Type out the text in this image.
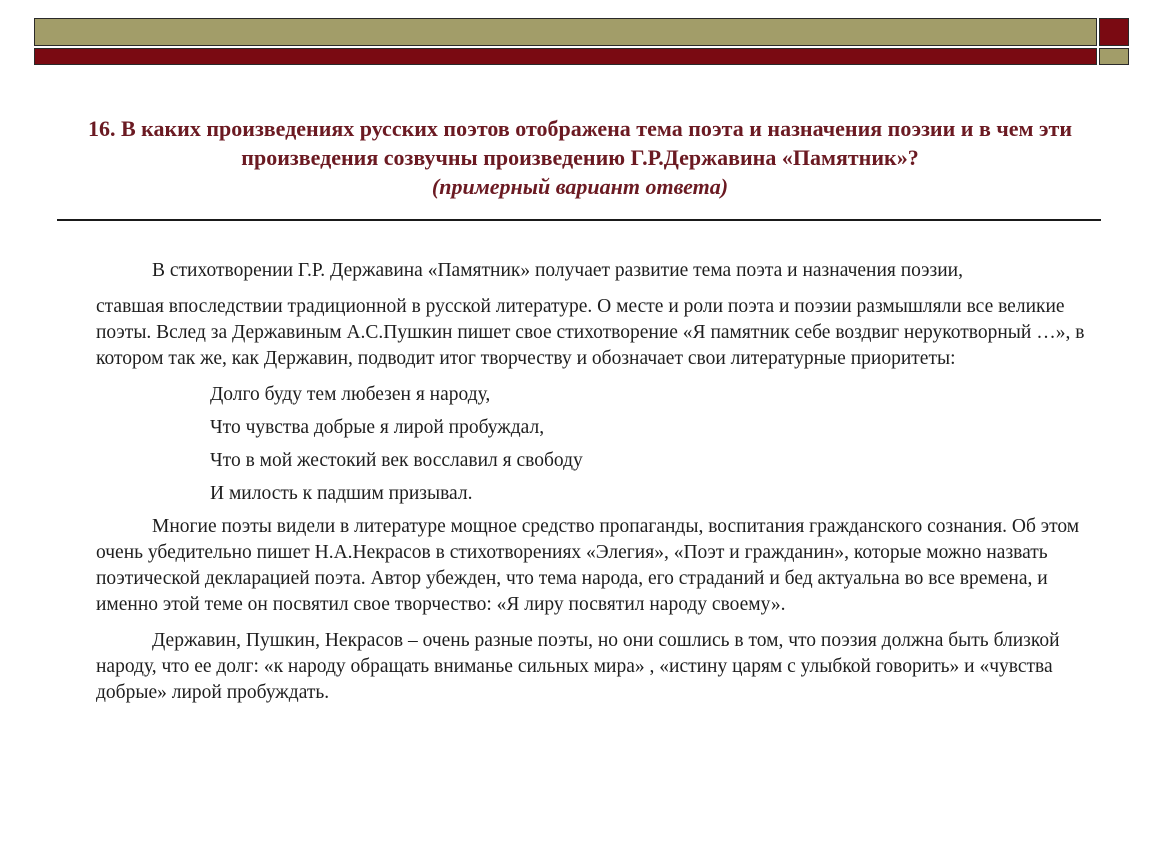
16. В каких произведениях русских поэтов отображена тема поэта и назначения поэзии и в чем эти произведения созвучны произведению Г.Р.Державина «Памятник»?
(примерный вариант ответа)

В стихотворении Г.Р. Державина «Памятник» получает развитие тема поэта и назначения поэзии,
ставшая впоследствии традиционной в русской литературе. О месте и роли поэта и поэзии размышляли все великие поэты. Вслед за Державиным А.С.Пушкин пишет свое стихотворение «Я памятник себе воздвиг нерукотворный …», в котором так же, как Державин, подводит итог творчеству и обозначает свои литературные приоритеты:

Долго буду тем любезен я народу,
Что чувства добрые я лирой пробуждал,
Что в мой жестокий век восславил я свободу
И милость к падшим призывал.

Многие поэты видели в литературе мощное средство пропаганды, воспитания гражданского сознания. Об этом очень убедительно пишет Н.А.Некрасов в стихотворениях «Элегия», «Поэт и гражданин», которые можно назвать поэтической декларацией поэта. Автор убежден, что тема народа, его страданий и бед актуальна во все времена, и именно этой теме он посвятил свое творчество: «Я лиру посвятил народу своему».

Державин, Пушкин, Некрасов – очень разные поэты, но они сошлись в том, что поэзия должна быть близкой народу, что ее долг: «к народу обращать вниманье сильных мира» , «истину царям с улыбкой говорить» и «чувства добрые» лирой пробуждать.
